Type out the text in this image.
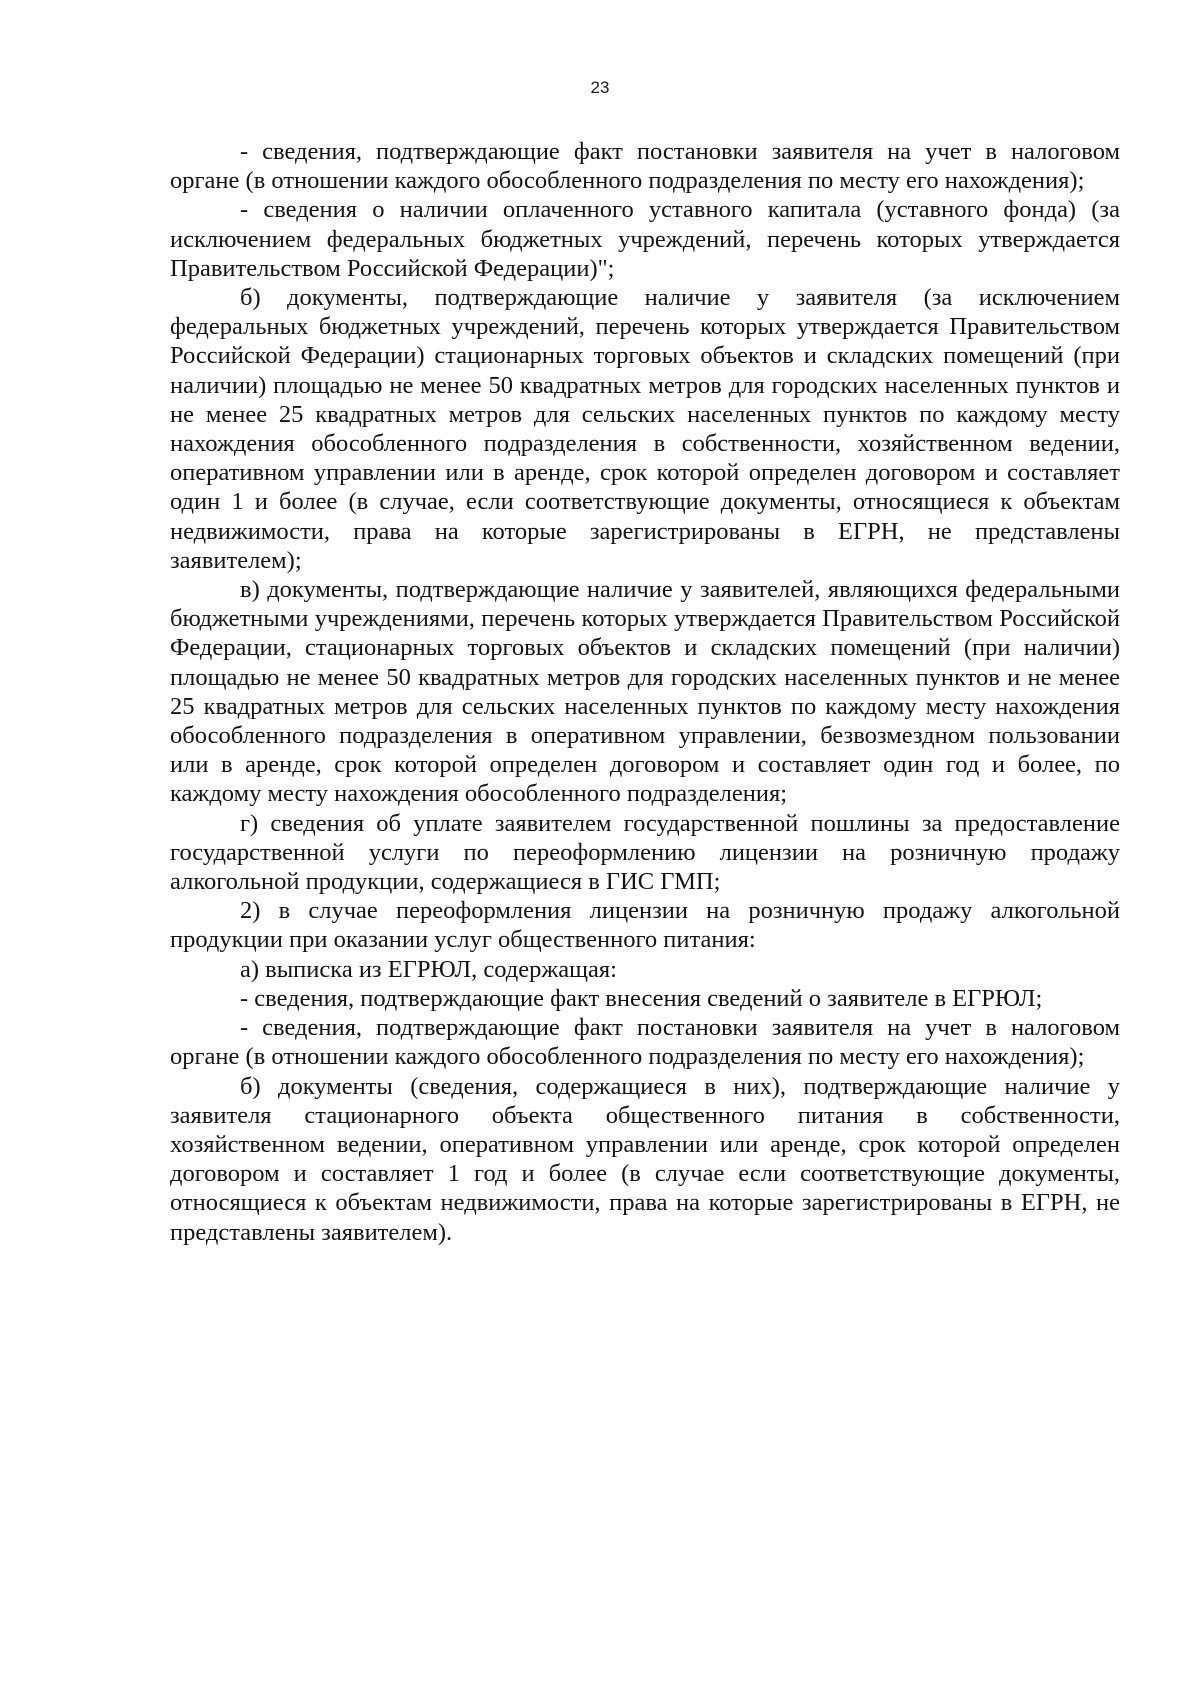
23

- сведения, подтверждающие факт постановки заявителя на учет в налоговом органе (в отношении каждого обособленного подразделения по месту его нахождения);

- сведения о наличии оплаченного уставного капитала (уставного фонда) (за исключением федеральных бюджетных учреждений, перечень которых утверждается Правительством Российской Федерации)";

б) документы, подтверждающие наличие у заявителя (за исключением федеральных бюджетных учреждений, перечень которых утверждается Правительством Российской Федерации) стационарных торговых объектов и складских помещений (при наличии) площадью не менее 50 квадратных метров для городских населенных пунктов и не менее 25 квадратных метров для сельских населенных пунктов по каждому месту нахождения обособленного подразделения в собственности, хозяйственном ведении, оперативном управлении или в аренде, срок которой определен договором и составляет один 1 и более (в случае, если соответствующие документы, относящиеся к объектам недвижимости, права на которые зарегистрированы в ЕГРН, не представлены заявителем);

в) документы, подтверждающие наличие у заявителей, являющихся федеральными бюджетными учреждениями, перечень которых утверждается Правительством Российской Федерации, стационарных торговых объектов и складских помещений (при наличии) площадью не менее 50 квадратных метров для городских населенных пунктов и не менее 25 квадратных метров для сельских населенных пунктов по каждому месту нахождения обособленного подразделения в оперативном управлении, безвозмездном пользовании или в аренде, срок которой определен договором и составляет один год и более, по каждому месту нахождения обособленного подразделения;

г) сведения об уплате заявителем государственной пошлины за предоставление государственной услуги по переоформлению лицензии на розничную продажу алкогольной продукции, содержащиеся в ГИС ГМП;

2) в случае переоформления лицензии на розничную продажу алкогольной продукции при оказании услуг общественного питания:

а) выписка из ЕГРЮЛ, содержащая:

- сведения, подтверждающие факт внесения сведений о заявителе в ЕГРЮЛ;

- сведения, подтверждающие факт постановки заявителя на учет в налоговом органе (в отношении каждого обособленного подразделения по месту его нахождения);

б) документы (сведения, содержащиеся в них), подтверждающие наличие у заявителя стационарного объекта общественного питания в собственности, хозяйственном ведении, оперативном управлении или аренде, срок которой определен договором и составляет 1 год и более (в случае если соответствующие документы, относящиеся к объектам недвижимости, права на которые зарегистрированы в ЕГРН, не представлены заявителем).
